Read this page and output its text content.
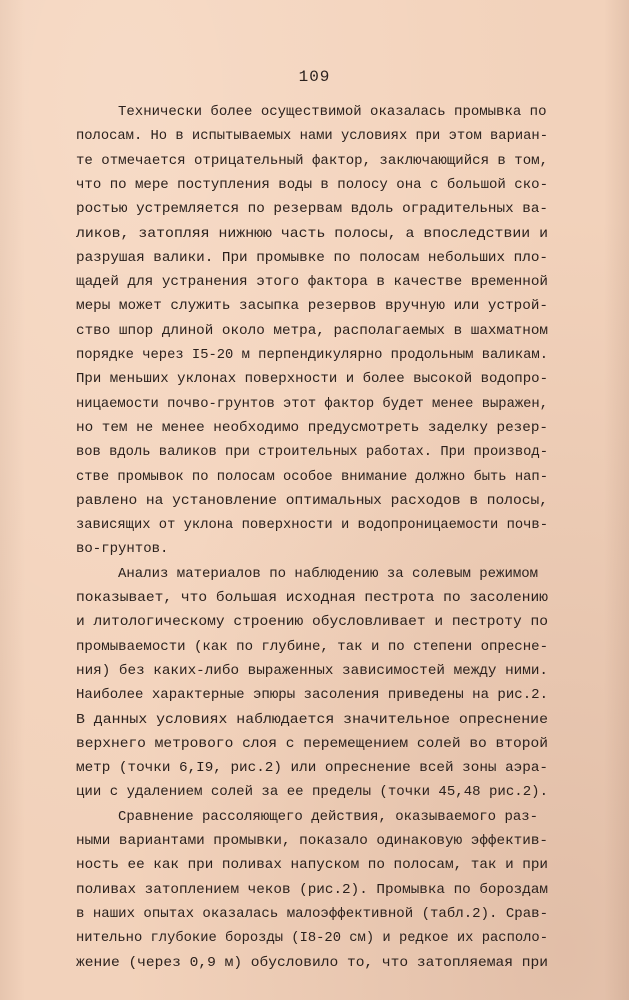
109
Технически более осуществимой оказалась промывка по
полосам. Но в испытываемых нами условиях при этом вариан-
те отмечается отрицательный фактор, заключающийся в том,
что по мере поступления воды в полосу она с большой ско-
ростью устремляется по резервам вдоль оградительных ва-
ликов, затопляя нижнюю часть полосы, а впоследствии и
разрушая валики. При промывке по полосам небольших пло-
щадей для устранения этого фактора в качестве временной
меры может служить засыпка резервов вручную или устрой-
ство шпор длиной около метра, располагаемых в шахматном
порядке через I5-20 м перпендикулярно продольным валикам.
При меньших уклонах поверхности и более высокой водопро-
ницаемости почво-грунтов этот фактор будет менее выражен,
но тем не менее необходимо предусмотреть заделку резер-
вов вдоль валиков при строительных работах. При производ-
стве промывок по полосам особое внимание должно быть нап-
равлено на установление оптимальных расходов в полосы,
зависящих от уклона поверхности и водопроницаемости почв-
во-грунтов.
Анализ материалов по наблюдению за солевым режимом
показывает, что большая исходная пестрота по засолению
и литологическому строению обусловливает и пестроту по
промываемости (как по глубине, так и по степени опресне-
ния) без каких-либо выраженных зависимостей между ними.
Наиболее характерные эпюры засоления приведены на рис.2.
В данных условиях наблюдается значительное опреснение
верхнего метрового слоя с перемещением солей во второй
метр (точки 6,I9, рис.2) или опреснение всей зоны аэра-
ции с удалением солей за ее пределы (точки 45,48 рис.2).
Сравнение рассоляющего действия, оказываемого раз-
ными вариантами промывки, показало одинаковую эффектив-
ность ее как при поливах напуском по полосам, так и при
поливах затоплением чеков (рис.2). Промывка по бороздам
в наших опытах оказалась малоэффективной (табл.2). Срав-
нительно глубокие борозды (I8-20 см) и редкое их располо-
жение (через 0,9 м) обусловило то, что затопляемая при
